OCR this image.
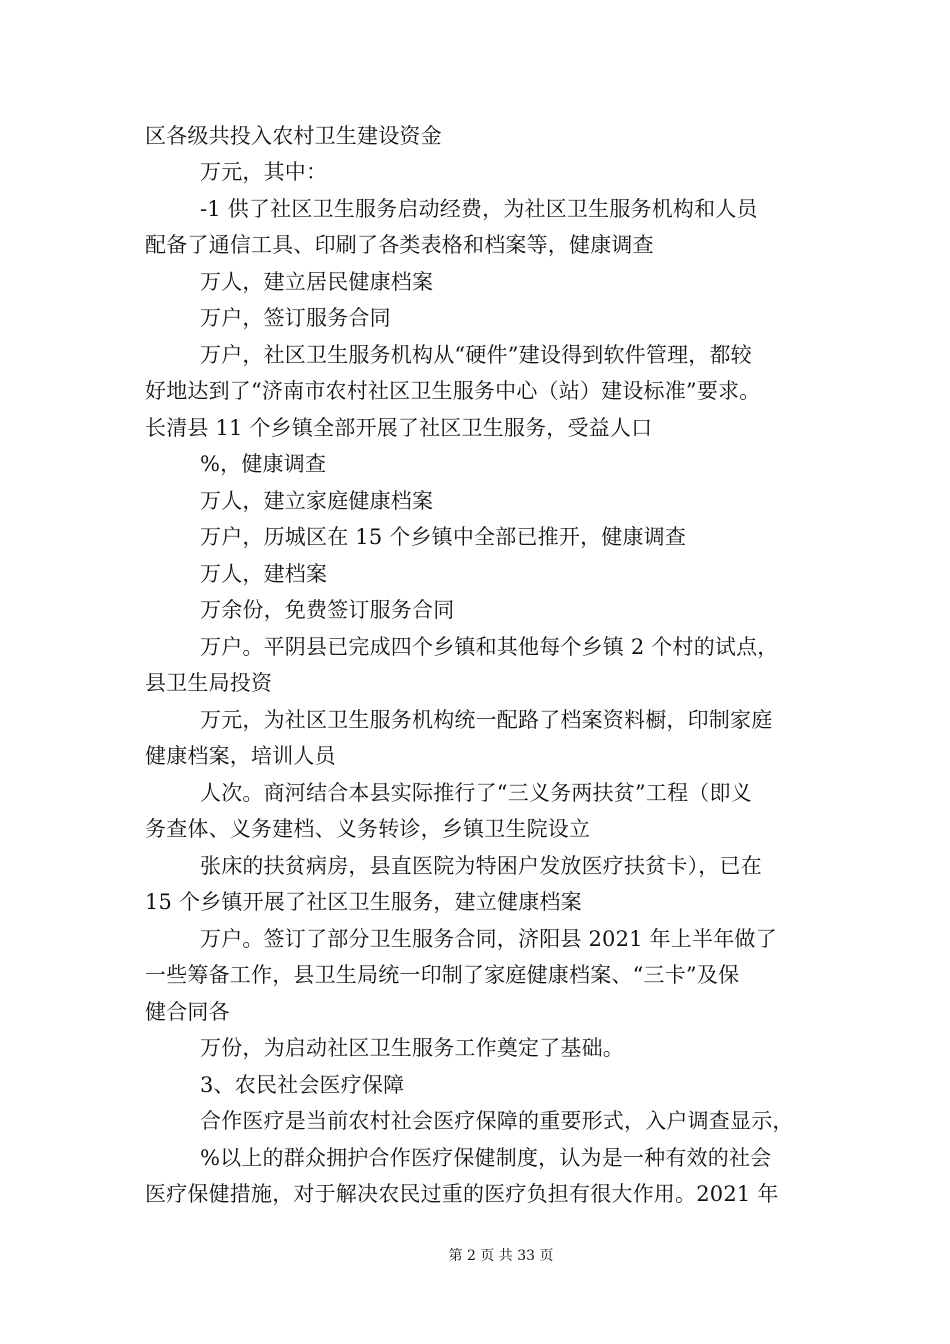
区各级共投入农村卫生建设资金
万元，其中：
-1 供了社区卫生服务启动经费，为社区卫生服务机构和人员
配备了通信工具、印刷了各类表格和档案等，健康调查
万人，建立居民健康档案
万户，签订服务合同
万户，社区卫生服务机构从“硬件”建设得到软件管理，都较
好地达到了“济南市农村社区卫生服务中心（站）建设标准”要求。
长清县 11 个乡镇全部开展了社区卫生服务，受益人口
%，健康调查
万人，建立家庭健康档案
万户，历城区在 15 个乡镇中全部已推开，健康调查
万人，建档案
万余份，免费签订服务合同
万户。平阴县已完成四个乡镇和其他每个乡镇 2 个村的试点，
县卫生局投资
万元，为社区卫生服务机构统一配路了档案资料橱，印制家庭
健康档案，培训人员
人次。商河结合本县实际推行了“三义务两扶贫”工程（即义
务查体、义务建档、义务转诊，乡镇卫生院设立
张床的扶贫病房，县直医院为特困户发放医疗扶贫卡），已在
15 个乡镇开展了社区卫生服务，建立健康档案
万户。签订了部分卫生服务合同，济阳县 2021 年上半年做了
一些筹备工作，县卫生局统一印制了家庭健康档案、“三卡”及保
健合同各
万份，为启动社区卫生服务工作奠定了基础。
3、农民社会医疗保障
合作医疗是当前农村社会医疗保障的重要形式，入户调查显示，
%以上的群众拥护合作医疗保健制度，认为是一种有效的社会
医疗保健措施，对于解决农民过重的医疗负担有很大作用。2021 年
第 2 页 共 33 页
